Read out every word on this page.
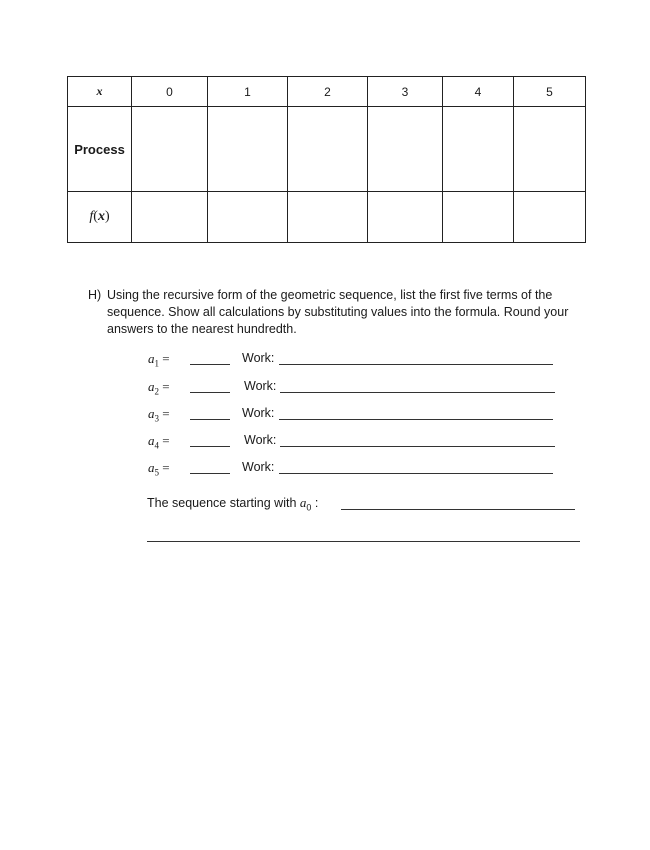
x	0	1	2	3	4	5
Process						
f(x)						
H) Using the recursive form of the geometric sequence, list the first five terms of the sequence. Show all calculations by substituting values into the formula. Round your answers to the nearest hundredth.
$a_1$ =	Work:
$a_2$ =	Work:
$a_3$ =	Work:
$a_4$ =	Work:
$a_5$ =	Work:
The sequence starting with $a_0$ :
